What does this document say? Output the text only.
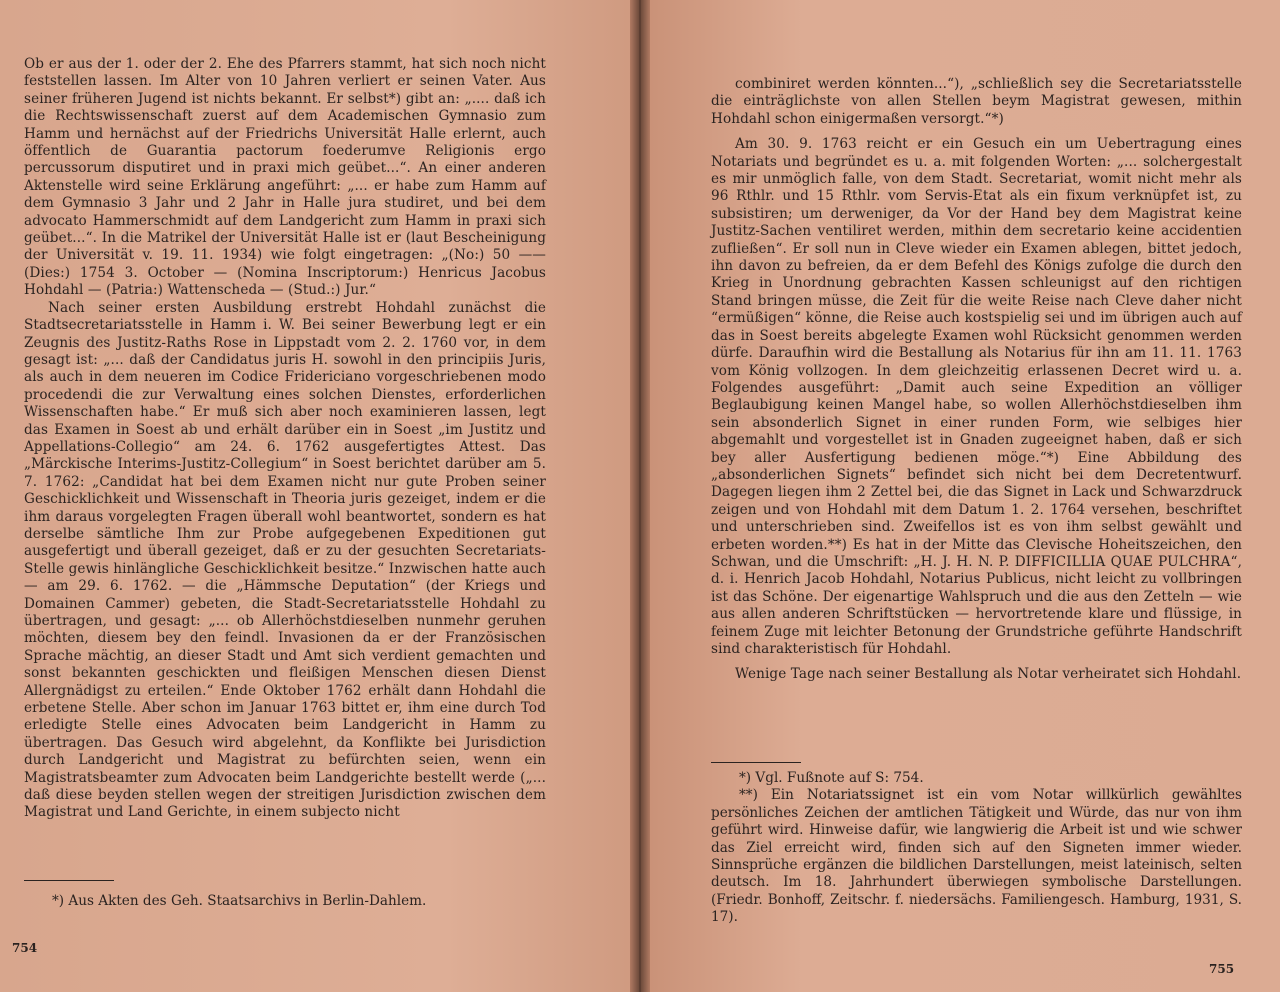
Ob er aus der 1. oder der 2. Ehe des Pfarrers stammt, hat sich noch nicht feststellen lassen. Im Alter von 10 Jahren verliert er seinen Vater. Aus seiner früheren Jugend ist nichts bekannt. Er selbst*) gibt an: „.... daß ich die Rechtswissenschaft zuerst auf dem Academischen Gymnasio zum Hamm und hernächst auf der Friedrichs Universität Halle erlernt, auch öffentlich de Guarantia pactorum foederumve Religionis ergo percussorum disputiret und in praxi mich geübet...“. An einer anderen Aktenstelle wird seine Erklärung angeführt: „... er habe zum Hamm auf dem Gymnasio 3 Jahr und 2 Jahr in Halle jura studiret, und bei dem advocato Hammerschmidt auf dem Landgericht zum Hamm in praxi sich geübet...“. In die Matrikel der Universität Halle ist er (laut Bescheinigung der Universität v. 19. 11. 1934) wie folgt eingetragen: „(No:) 50 —— (Dies:) 1754 3. October — (Nomina Inscriptorum:) Henricus Jacobus Hohdahl — (Patria:) Wattenscheda — (Stud.:) Jur.“

Nach seiner ersten Ausbildung erstrebt Hohdahl zunächst die Stadtsecretariatsstelle in Hamm i. W. Bei seiner Bewerbung legt er ein Zeugnis des Justitz-Raths Rose in Lippstadt vom 2. 2. 1760 vor, in dem gesagt ist: „... daß der Candidatus juris H. sowohl in den principiis Juris, als auch in dem neueren im Codice Fridericiano vorgeschriebenen modo procedendi die zur Verwaltung eines solchen Dienstes, erforderlichen Wissenschaften habe.“ Er muß sich aber noch examinieren lassen, legt das Examen in Soest ab und erhält darüber ein in Soest „im Justitz und Appellations-Collegio“ am 24. 6. 1762 ausgefertigtes Attest. Das „Märckische Interims-Justitz-Collegium“ in Soest berichtet darüber am 5. 7. 1762: „Candidat hat bei dem Examen nicht nur gute Proben seiner Geschicklichkeit und Wissenschaft in Theoria juris gezeiget, indem er die ihm daraus vorgelegten Fragen überall wohl beantwortet, sondern es hat derselbe sämtliche Ihm zur Probe aufgegebenen Expeditionen gut ausgefertigt und überall gezeiget, daß er zu der gesuchten Secretariats-Stelle gewis hinlängliche Geschicklichkeit besitze.“ Inzwischen hatte auch — am 29. 6. 1762. — die „Hämmsche Deputation“ (der Kriegs und Domainen Cammer) gebeten, die Stadt-Secretariatsstelle Hohdahl zu übertragen, und gesagt: „... ob Allerhöchstdieselben nunmehr geruhen möchten, diesem bey den feindl. Invasionen da er der Französischen Sprache mächtig, an dieser Stadt und Amt sich verdient gemachten und sonst bekannten geschickten und fleißigen Menschen diesen Dienst Allergnädigst zu erteilen.“ Ende Oktober 1762 erhält dann Hohdahl die erbetene Stelle. Aber schon im Januar 1763 bittet er, ihm eine durch Tod erledigte Stelle eines Advocaten beim Landgericht in Hamm zu übertragen. Das Gesuch wird abgelehnt, da Konflikte bei Jurisdiction durch Landgericht und Magistrat zu befürchten seien, wenn ein Magistratsbeamter zum Advocaten beim Landgerichte bestellt werde („... daß diese beyden stellen wegen der streitigen Jurisdiction zwischen dem Magistrat und Land Gerichte, in einem subjecto nicht

*) Aus Akten des Geh. Staatsarchivs in Berlin-Dahlem.

754

combiniret werden könnten...“), „schließlich sey die Secretariatsstelle die einträglichste von allen Stellen beym Magistrat gewesen, mithin Hohdahl schon einigermaßen versorgt.“*)

Am 30. 9. 1763 reicht er ein Gesuch ein um Uebertragung eines Notariats und begründet es u. a. mit folgenden Worten: „... solchergestalt es mir unmöglich falle, von dem Stadt. Secretariat, womit nicht mehr als 96 Rthlr. und 15 Rthlr. vom Servis-Etat als ein fixum verknüpfet ist, zu subsistiren; um derweniger, da Vor der Hand bey dem Magistrat keine Justitz-Sachen ventiliret werden, mithin dem secretario keine accidentien zufließen“. Er soll nun in Cleve wieder ein Examen ablegen, bittet jedoch, ihn davon zu befreien, da er dem Befehl des Königs zufolge die durch den Krieg in Unordnung gebrachten Kassen schleunigst auf den richtigen Stand bringen müsse, die Zeit für die weite Reise nach Cleve daher nicht “ermüßigen“ könne, die Reise auch kostspielig sei und im übrigen auch auf das in Soest bereits abgelegte Examen wohl Rücksicht genommen werden dürfe. Daraufhin wird die Bestallung als Notarius für ihn am 11. 11. 1763 vom König vollzogen. In dem gleichzeitig erlassenen Decret wird u. a. Folgendes ausgeführt: „Damit auch seine Expedition an völliger Beglaubigung keinen Mangel habe, so wollen Allerhöchstdieselben ihm sein absonderlich Signet in einer runden Form, wie selbiges hier abgemahlt und vorgestellet ist in Gnaden zugeeignet haben, daß er sich bey aller Ausfertigung bedienen möge.“*) Eine Abbildung des „absonderlichen Signets“ befindet sich nicht bei dem Decretentwurf. Dagegen liegen ihm 2 Zettel bei, die das Signet in Lack und Schwarzdruck zeigen und von Hohdahl mit dem Datum 1. 2. 1764 versehen, beschriftet und unterschrieben sind. Zweifellos ist es von ihm selbst gewählt und erbeten worden.**) Es hat in der Mitte das Clevische Hoheitszeichen, den Schwan, und die Umschrift: „H. J. H. N. P. DIFFICILLIA QUAE PULCHRA“, d. i. Henrich Jacob Hohdahl, Notarius Publicus, nicht leicht zu vollbringen ist das Schöne. Der eigenartige Wahlspruch und die aus den Zetteln — wie aus allen anderen Schriftstücken — hervortretende klare und flüssige, in feinem Zuge mit leichter Betonung der Grundstriche geführte Handschrift sind charakteristisch für Hohdahl.

Wenige Tage nach seiner Bestallung als Notar verheiratet sich Hohdahl.

*) Vgl. Fußnote auf S: 754.

**) Ein Notariatssignet ist ein vom Notar willkürlich gewähltes persönliches Zeichen der amtlichen Tätigkeit und Würde, das nur von ihm geführt wird. Hinweise dafür, wie langwierig die Arbeit ist und wie schwer das Ziel erreicht wird, finden sich auf den Signeten immer wieder. Sinnsprüche ergänzen die bildlichen Darstellungen, meist lateinisch, selten deutsch. Im 18. Jahrhundert überwiegen symbolische Darstellungen. (Friedr. Bonhoff, Zeitschr. f. niedersächs. Familiengesch. Hamburg, 1931, S. 17).

755
